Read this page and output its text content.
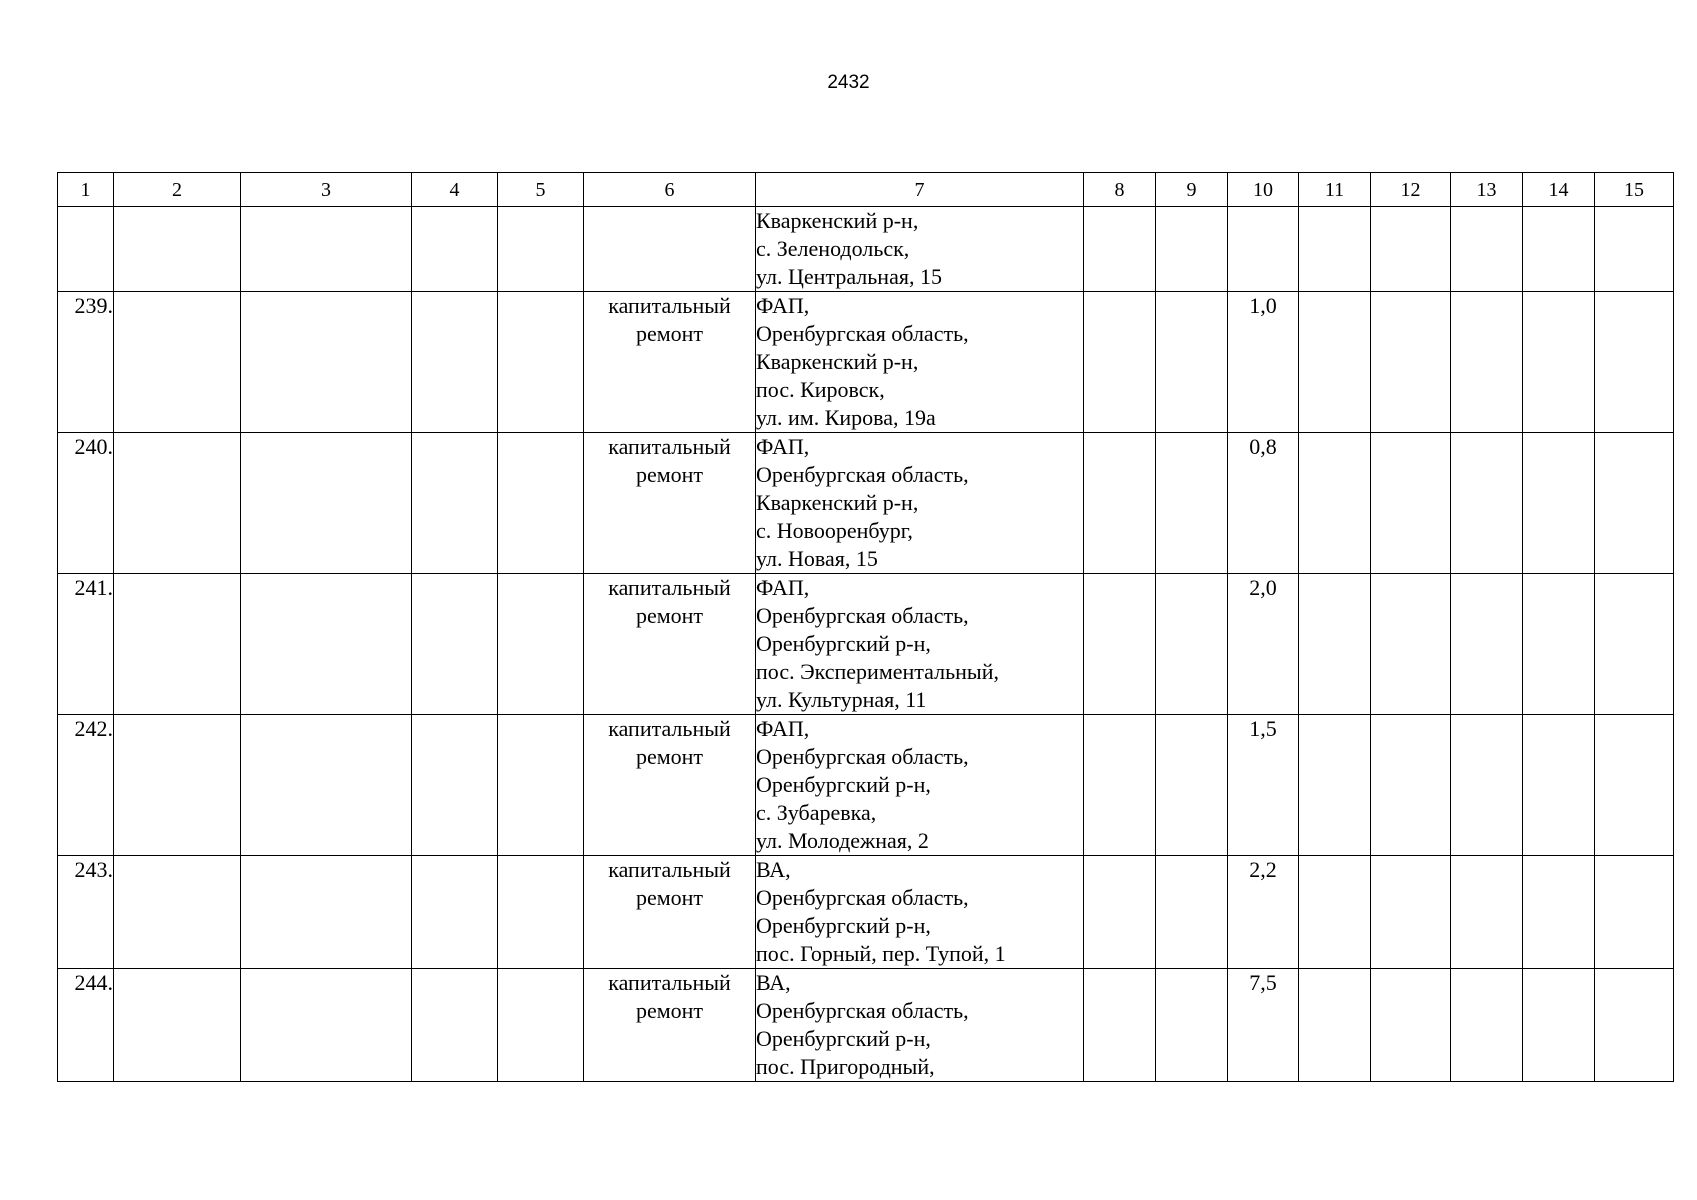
2432
1	2	3	4	5	6	7	8	9	10	11	12	13	14	15

						Кваркенский р-н,
с. Зеленодольск,
ул. Центральная, 15								

239.					капитальный
ремонт	ФАП,
Оренбургская область,
Кваркенский р-н,
пос. Кировск,
ул. им. Кирова, 19а			1,0					
240.					капитальный
ремонт	ФАП,
Оренбургская область,
Кваркенский р-н,
с. Новооренбург,
ул. Новая, 15			0,8					
241.					капитальный
ремонт	ФАП,
Оренбургская область,
Оренбургский р-н,
пос. Экспериментальный,
ул. Культурная, 11			2,0					
242.					капитальный
ремонт	ФАП,
Оренбургская область,
Оренбургский р-н,
с. Зубаревка,
ул. Молодежная, 2			1,5					
243.					капитальный
ремонт	ВА,
Оренбургская область,
Оренбургский р-н,
пос. Горный, пер. Тупой, 1			2,2					
244.					капитальный
ремонт	ВА,
Оренбургская область,
Оренбургский р-н,
пос. Пригородный,			7,5					
